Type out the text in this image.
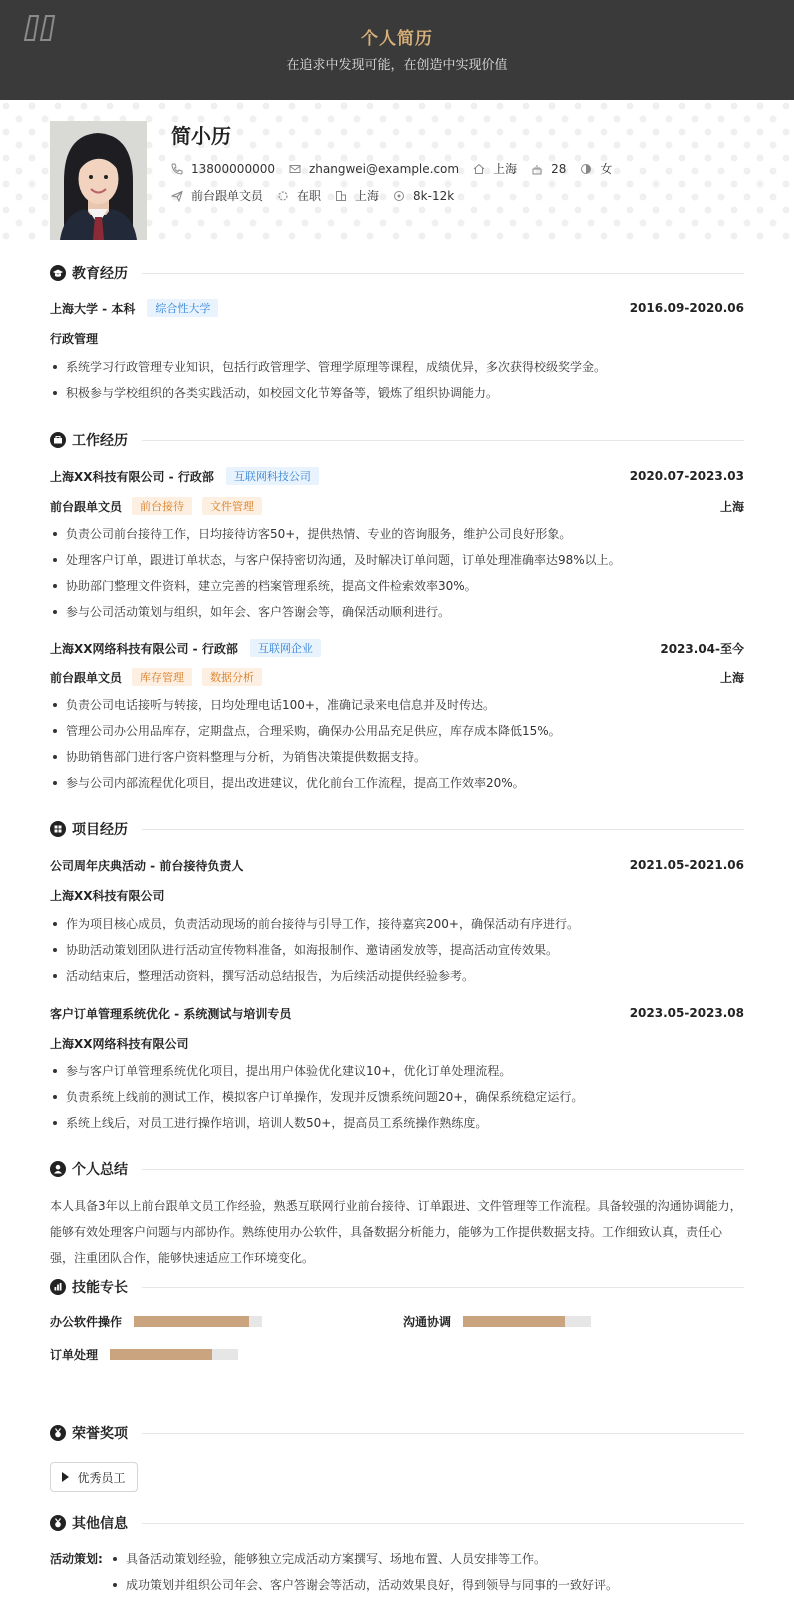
个人简历
在追求中发现可能，在创造中实现价值
简小历
13800000000	zhangwei@example.com	上海	28	女
前台跟单文员	在职	上海	8k-12k
教育经历
上海大学 - 本科	综合性大学	2016.09-2020.06
行政管理
系统学习行政管理专业知识，包括行政管理学、管理学原理等课程，成绩优异，多次获得校级奖学金。
积极参与学校组织的各类实践活动，如校园文化节筹备等，锻炼了组织协调能力。
工作经历
上海XX科技有限公司 - 行政部	互联网科技公司	2020.07-2023.03
前台跟单文员	前台接待	文件管理	上海
负责公司前台接待工作，日均接待访客50+，提供热情、专业的咨询服务，维护公司良好形象。
处理客户订单，跟进订单状态，与客户保持密切沟通，及时解决订单问题，订单处理准确率达98%以上。
协助部门整理文件资料，建立完善的档案管理系统，提高文件检索效率30%。
参与公司活动策划与组织，如年会、客户答谢会等，确保活动顺利进行。
上海XX网络科技有限公司 - 行政部	互联网企业	2023.04-至今
前台跟单文员	库存管理	数据分析	上海
负责公司电话接听与转接，日均处理电话100+，准确记录来电信息并及时传达。
管理公司办公用品库存，定期盘点，合理采购，确保办公用品充足供应，库存成本降低15%。
协助销售部门进行客户资料整理与分析，为销售决策提供数据支持。
参与公司内部流程优化项目，提出改进建议，优化前台工作流程，提高工作效率20%。
项目经历
公司周年庆典活动 - 前台接待负责人	2021.05-2021.06
上海XX科技有限公司
作为项目核心成员，负责活动现场的前台接待与引导工作，接待嘉宾200+，确保活动有序进行。
协助活动策划团队进行活动宣传物料准备，如海报制作、邀请函发放等，提高活动宣传效果。
活动结束后，整理活动资料，撰写活动总结报告，为后续活动提供经验参考。
客户订单管理系统优化 - 系统测试与培训专员	2023.05-2023.08
上海XX网络科技有限公司
参与客户订单管理系统优化项目，提出用户体验优化建议10+，优化订单处理流程。
负责系统上线前的测试工作，模拟客户订单操作，发现并反馈系统问题20+，确保系统稳定运行。
系统上线后，对员工进行操作培训，培训人数50+，提高员工系统操作熟练度。
个人总结
本人具备3年以上前台跟单文员工作经验，熟悉互联网行业前台接待、订单跟进、文件管理等工作流程。具备较强的沟通协调能力，能够有效处理客户问题与内部协作。熟练使用办公软件，具备数据分析能力，能够为工作提供数据支持。工作细致认真，责任心强，注重团队合作，能够快速适应工作环境变化。
技能专长
办公软件操作	沟通协调
订单处理
荣誉奖项
优秀员工
其他信息
活动策划:	具备活动策划经验，能够独立完成活动方案撰写、场地布置、人员安排等工作。
成功策划并组织公司年会、客户答谢会等活动，活动效果良好，得到领导与同事的一致好评。
